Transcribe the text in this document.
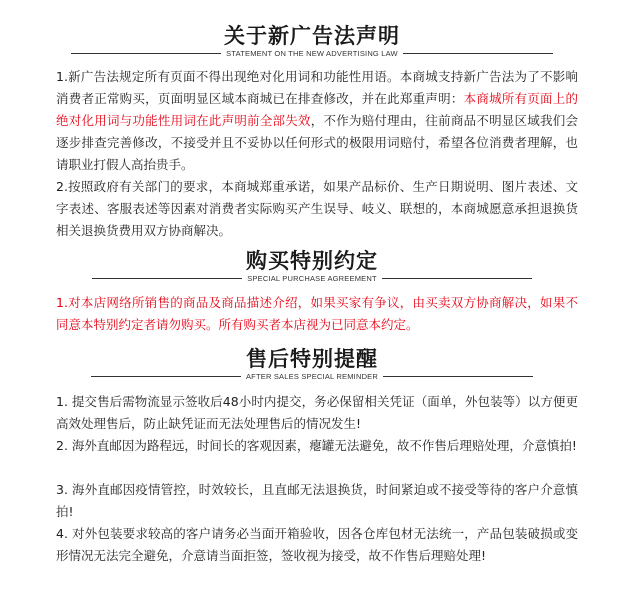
关于新广告法声明
STATEMENT ON THE NEW ADVERTISING LAW
1.新广告法规定所有页面不得出现绝对化用词和功能性用语。本商城支持新广告法为了不影响消费者正常购买，页面明显区域本商城已在排查修改，并在此郑重声明：本商城所有页面上的绝对化用词与功能性用词在此声明前全部失效，不作为赔付理由，往前商品不明显区域我们会逐步排查完善修改，不接受并且不妥协以任何形式的极限用词赔付，希望各位消费者理解，也请职业打假人高抬贵手。
2.按照政府有关部门的要求，本商城郑重承诺，如果产品标价、生产日期说明、图片表述、文字表述、客服表述等因素对消费者实际购买产生误导、岐义、联想的，本商城愿意承担退换货相关退换货费用双方协商解决。
购买特别约定
SPECIAL PURCHASE AGREEMENT
1.对本店网络所销售的商品及商品描述介绍，如果买家有争议，由买卖双方协商解决，如果不同意本特别约定者请勿购买。所有购买者本店视为已同意本约定。
售后特别提醒
AFTER SALES SPECIAL REMINDER
1. 提交售后需物流显示签收后48小时内提交，务必保留相关凭证（面单，外包装等）以方便更高效处理售后，防止缺凭证而无法处理售后的情况发生!
2. 海外直邮因为路程远，时间长的客观因素，瘪罐无法避免，故不作售后理赔处理，介意慎拍!
3. 海外直邮因疫情管控，时效较长，且直邮无法退换货，时间紧迫或不接受等待的客户介意慎拍!
4. 对外包装要求较高的客户请务必当面开箱验收，因各仓库包材无法统一，产品包装破损或变形情况无法完全避免，介意请当面拒签，签收视为接受，故不作售后理赔处理!
